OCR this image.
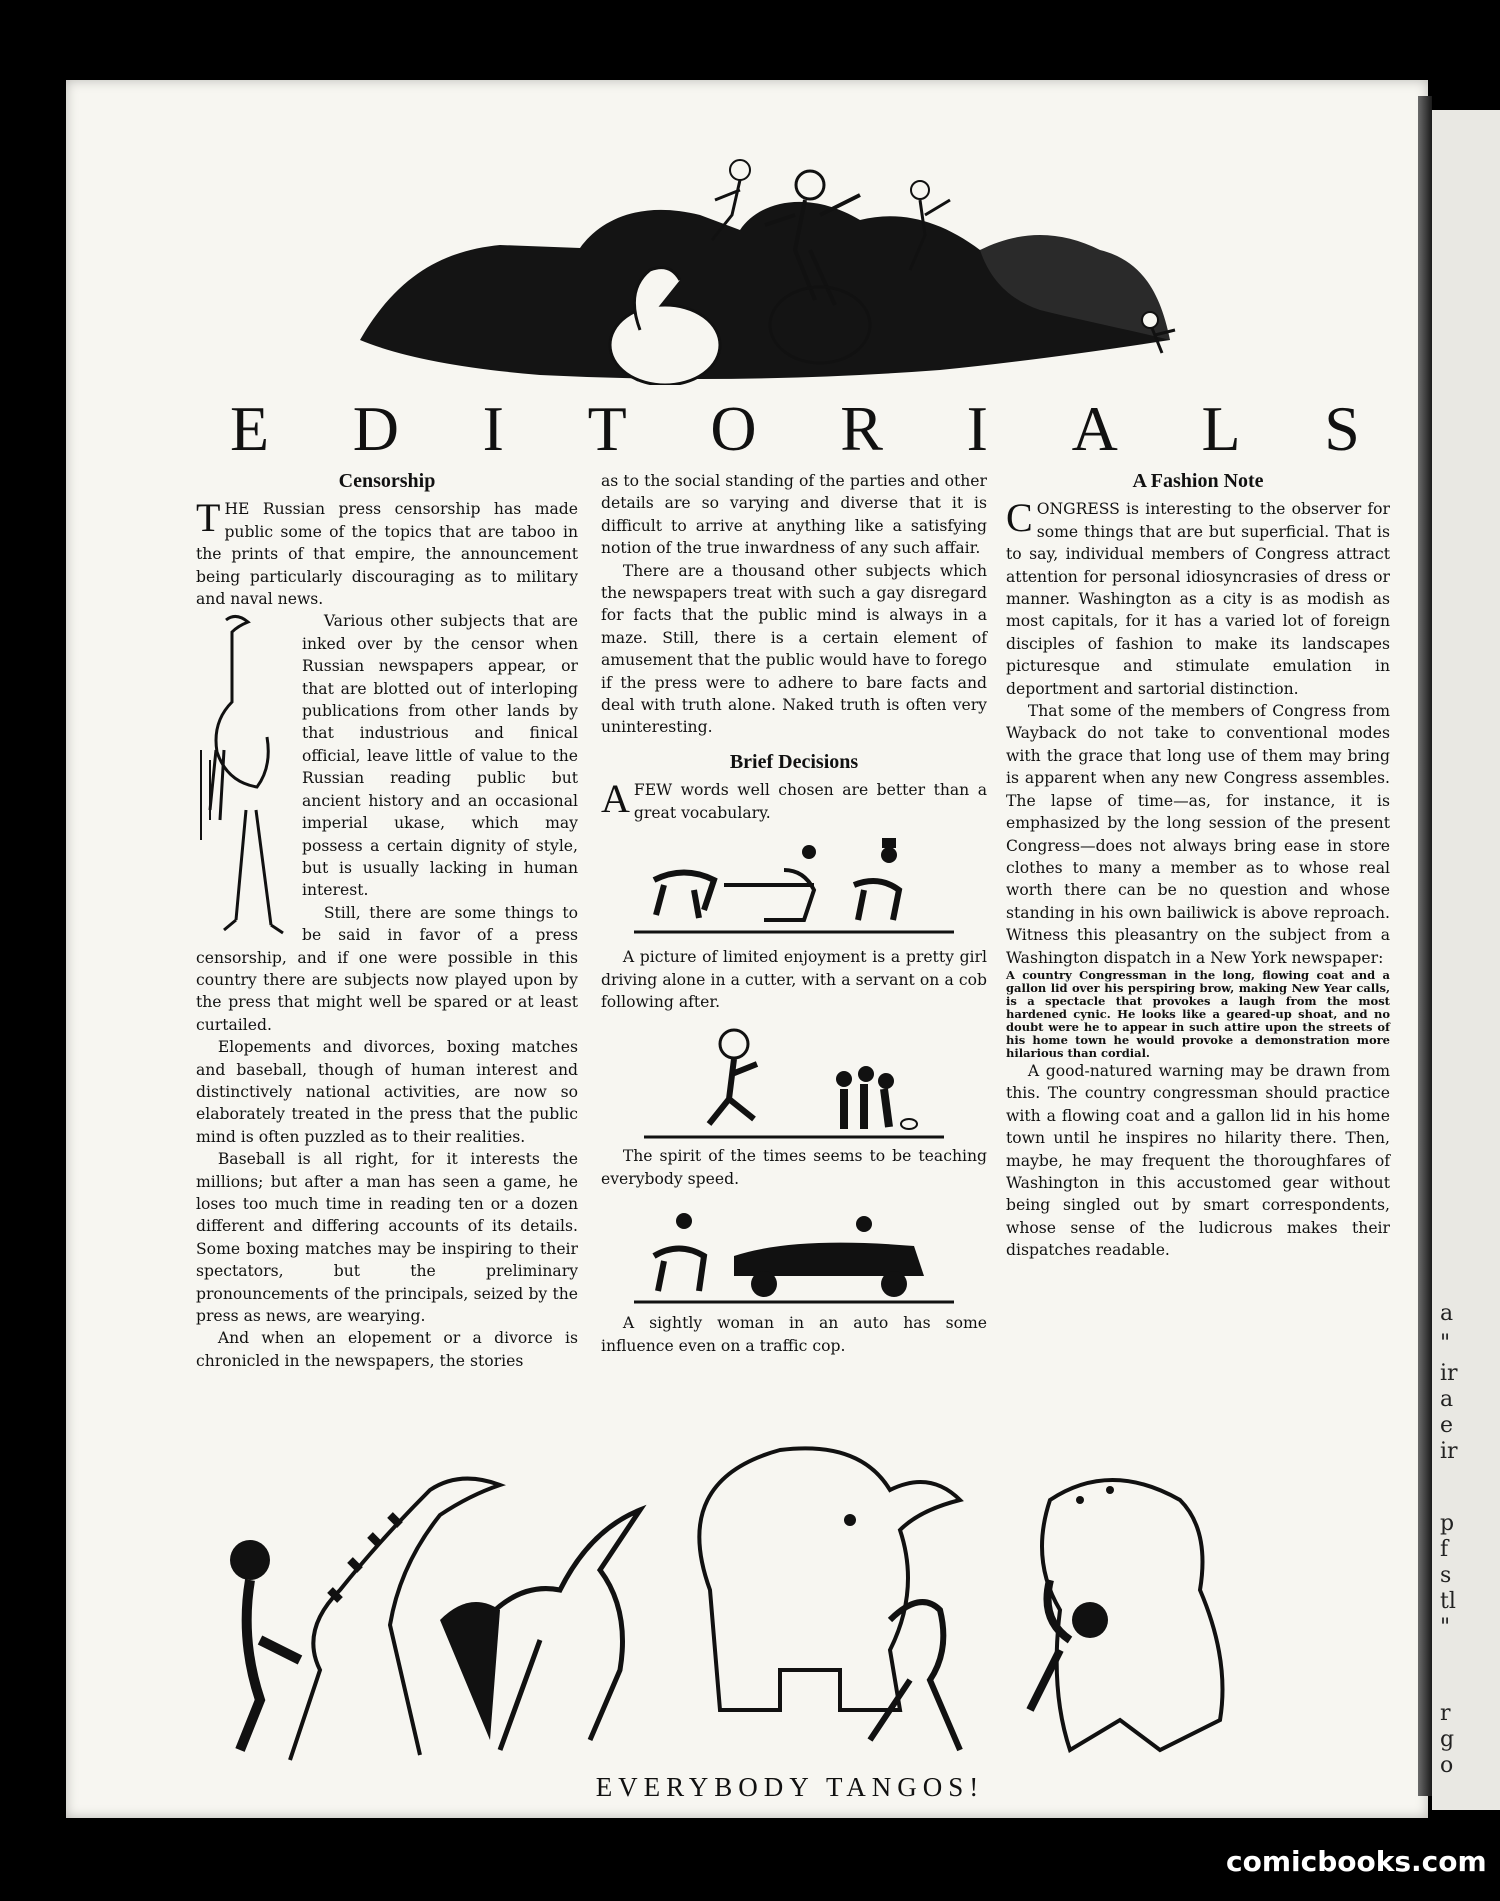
a
"
ir
a
e
ir
p
f
s
tl
"
r
g
o
E D I T O R I A L S
Censorship

THE Russian press censorship has made public some of the topics that are taboo in the prints of that empire, the announcement being particularly discouraging as to military and naval news.

Various other subjects that are inked over by the censor when Russian newspapers appear, or that are blotted out of interloping publications from other lands by that industrious and finical official, leave little of value to the Russian reading public but ancient history and an occasional imperial ukase, which may possess a certain dignity of style, but is usually lacking in human interest.

Still, there are some things to be said in favor of a press censorship, and if one were possible in this country there are subjects now played upon by the press that might well be spared or at least curtailed.

Elopements and divorces, boxing matches and baseball, though of human interest and distinctively national activities, are now so elaborately treated in the press that the public mind is often puzzled as to their realities.

Baseball is all right, for it interests the millions; but after a man has seen a game, he loses too much time in reading ten or a dozen different and differing accounts of its details. Some boxing matches may be inspiring to their spectators, but the preliminary pronouncements of the principals, seized by the press as news, are wearying.

And when an elopement or a divorce is chronicled in the newspapers, the stories

as to the social standing of the parties and other details are so varying and diverse that it is difficult to arrive at anything like a satisfying notion of the true inwardness of any such affair.

There are a thousand other subjects which the newspapers treat with such a gay disregard for facts that the public mind is always in a maze. Still, there is a certain element of amusement that the public would have to forego if the press were to adhere to bare facts and deal with truth alone. Naked truth is often very uninteresting.

Brief Decisions

AFEW words well chosen are better than a great vocabulary.

A picture of limited enjoyment is a pretty girl driving alone in a cutter, with a servant on a cob following after.

The spirit of the times seems to be teaching everybody speed.

A sightly woman in an auto has some influence even on a traffic cop.

A Fashion Note

CONGRESS is interesting to the observer for some things that are but superficial. That is to say, individual members of Congress attract attention for personal idiosyncrasies of dress or manner. Washington as a city is as modish as most capitals, for it has a varied lot of foreign disciples of fashion to make its landscapes picturesque and stimulate emulation in deportment and sartorial distinction.

That some of the members of Congress from Wayback do not take to conventional modes with the grace that long use of them may bring is apparent when any new Congress assembles. The lapse of time—as, for instance, it is emphasized by the long session of the present Congress—does not always bring ease in store clothes to many a member as to whose real worth there can be no question and whose standing in his own bailiwick is above reproach. Witness this pleasantry on the subject from a Washington dispatch in a New York newspaper:

A country Congressman in the long, flowing coat and a gallon lid over his perspiring brow, making New Year calls, is a spectacle that provokes a laugh from the most hardened cynic. He looks like a geared-up shoat, and no doubt were he to appear in such attire upon the streets of his home town he would provoke a demonstration more hilarious than cordial.

A good-natured warning may be drawn from this. The country congressman should practice with a flowing coat and a gallon lid in his home town until he inspires no hilarity there. Then, maybe, he may frequent the thoroughfares of Washington in this accustomed gear without being singled out by smart correspondents, whose sense of the ludicrous makes their dispatches readable.

EVERYBODY TANGOS!
comicbooks.com
